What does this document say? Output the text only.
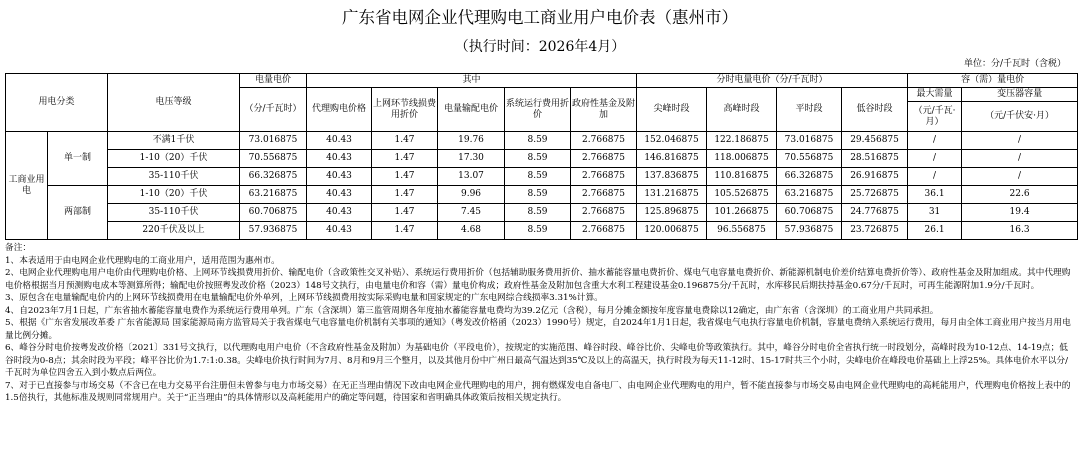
广东省电网企业代理购电工商业用户电价表（惠州市）
（执行时间：2026年4月）
单位：分/千瓦时（含税）
用电分类		电压等级	电量电价	其中					分时电量电价（分/千瓦时）				容（需）量电价	
			（分/千瓦时）	代理购电价格	上网环节线损费用折价	电量输配电价	系统运行费用折价	政府性基金及附加	尖峰时段	高峰时段	平时段	低谷时段	最大需量	变压器容量
													（元/千瓦·月）	（元/千伏安·月）
工商业用电	单一制	不满1千伏	73.016875	40.43	1.47	19.76	8.59	2.766875	152.046875	122.186875	73.016875	29.456875	/	/
		1-10（20）千伏	70.556875	40.43	1.47	17.30	8.59	2.766875	146.816875	118.006875	70.556875	28.516875	/	/
		35-110千伏	66.326875	40.43	1.47	13.07	8.59	2.766875	137.836875	110.816875	66.326875	26.916875	/	/
	两部制	1-10（20）千伏	63.216875	40.43	1.47	9.96	8.59	2.766875	131.216875	105.526875	63.216875	25.726875	36.1	22.6
		35-110千伏	60.706875	40.43	1.47	7.45	8.59	2.766875	125.896875	101.266875	60.706875	24.776875	31	19.4
		220千伏及以上	57.936875	40.43	1.47	4.68	8.59	2.766875	120.006875	96.556875	57.936875	23.726875	26.1	16.3

备注：

1、本表适用于由电网企业代理购电的工商业用户，适用范围为惠州市。

2、电网企业代理购电用户电价由代理购电价格、上网环节线损费用折价、输配电价（含政策性交叉补贴）、系统运行费用折价（包括辅助服务费用折价、抽水蓄能容量电费折价、煤电气电容量电费折价、新能源机制电价差价结算电费折价等）、政府性基金及附加组成。其中代理购电价格根据当月预测购电成本等测算所得；输配电价按照粤发改价格（2023）148号文执行，由电量电价和容（需）量电价构成；政府性基金及附加包含重大水利工程建设基金0.196875分/千瓦时，水库移民后期扶持基金0.67分/千瓦时，可再生能源附加1.9分/千瓦时。

3、原包含在电量输配电价内的上网环节线损费用在电量输配电价外单列，上网环节线损费用按实际采购电量和国家规定的广东电网综合线损率3.31%计算。

4、自2023年7月1日起，广东省抽水蓄能容量电费作为系统运行费用单列。广东（含深圳）第三监管周期各年度抽水蓄能容量电费均为39.2亿元（含税），每月分摊金额按年度容量电费除以12确定，由广东省（含深圳）的工商业用户共同承担。

5、根据《广东省发展改革委 广东省能源局 国家能源局南方监管局关于我省煤电气电容量电价机制有关事项的通知》（粤发改价格函（2023）1990号）规定，自2024年1月1日起，我省煤电气电执行容量电价机制，容量电费纳入系统运行费用，每月由全体工商业用户按当月用电量比例分摊。

6、峰谷分时电价按粤发改价格〔2021〕331号文执行，以代理购电用户电价（不含政府性基金及附加）为基础电价（平段电价），按规定的实施范围、峰谷时段、峰谷比价、尖峰电价等政策执行。其中，峰谷分时电价全省执行统一时段划分，高峰时段为10-12点、14-19点；低谷时段为0-8点；其余时段为平段；峰平谷比价为1.7:1:0.38。尖峰电价执行时间为7月、8月和9月三个整月，以及其他月份中广州日最高气温达到35℃及以上的高温天，执行时段为每天11-12时、15-17时共三个小时，尖峰电价在峰段电价基础上上浮25%。具体电价水平以分/千瓦时为单位四舍五入到小数点后两位。

7、对于已直接参与市场交易（不含已在电力交易平台注册但未曾参与电力市场交易）在无正当理由情况下改由电网企业代理购电的用户，拥有燃煤发电自备电厂、由电网企业代理购电的用户，暂不能直接参与市场交易由电网企业代理购电的高耗能用户，代理购电价格按上表中的1.5倍执行，其他标准及规则同常规用户。关于“正当理由”的具体情形以及高耗能用户的确定等问题，待国家和省明确具体政策后按相关规定执行。
